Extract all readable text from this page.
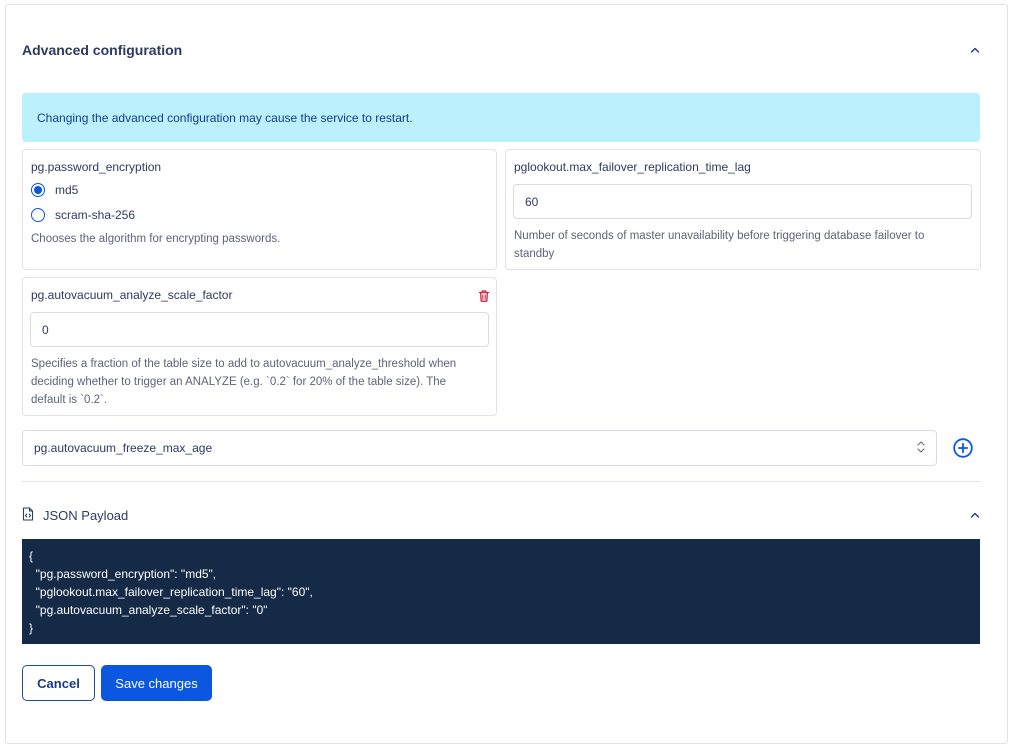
Advanced configuration
Changing the advanced configuration may cause the service to restart.
pg.password_encryption
md5
scram-sha-256
Chooses the algorithm for encrypting passwords.
pglookout.max_failover_replication_time_lag
60
Number of seconds of master unavailability before triggering database failover to
standby
pg.autovacuum_analyze_scale_factor
0
Specifies a fraction of the table size to add to autovacuum_analyze_threshold when
deciding whether to trigger an ANALYZE (e.g. `0.2` for 20% of the table size). The
default is `0.2`.
pg.autovacuum_freeze_max_age
JSON Payload
{
"pg.password_encryption": "md5",
"pglookout.max_failover_replication_time_lag": "60",
"pg.autovacuum_analyze_scale_factor": "0"
}
Cancel	Save changes
